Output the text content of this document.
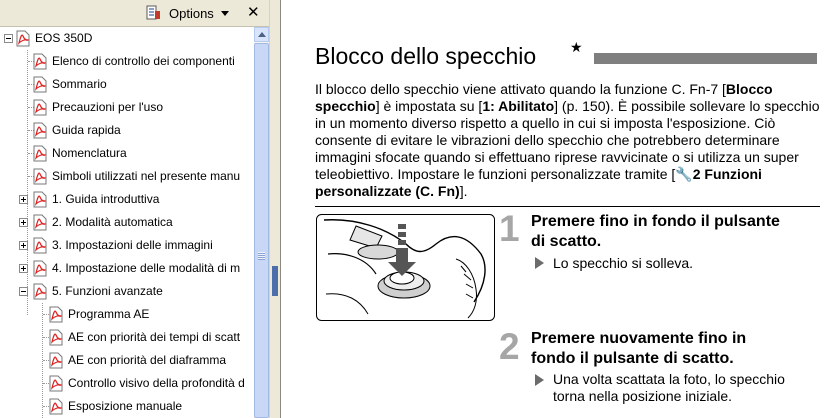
Options ✕
EOS 350D
Elenco di controllo dei componenti
Sommario
Precauzioni per l'uso
Guida rapida
Nomenclatura
Simboli utilizzati nel presente manu
1. Guida introduttiva
2. Modalità automatica
3. Impostazioni delle immagini
4. Impostazione delle modalità di m
5. Funzioni avanzate
Programma AE
AE con priorità dei tempi di scatt
AE con priorità del diaframma
Controllo visivo della profondità d
Esposizione manuale
Blocco dello specchio ★

Il blocco dello specchio viene attivato quando la funzione C. Fn-7 [Blocco specchio] è impostata su [1: Abilitato] (p. 150). È possibile sollevare lo specchio in un momento diverso rispetto a quello in cui si imposta l'esposizione. Ciò consente di evitare le vibrazioni dello specchio che potrebbero determinare immagini sfocate quando si effettuano riprese ravvicinate o si utilizza un super teleobiettivo. Impostare le funzioni personalizzate tramite [🔧⁡2 Funzioni personalizzate (C. Fn)].

1 Premere fino in fondo il pulsante
di scatto.
Lo specchio si solleva.
2 Premere nuovamente fino in
fondo il pulsante di scatto.
Una volta scattata la foto, lo specchio
torna nella posizione iniziale.
